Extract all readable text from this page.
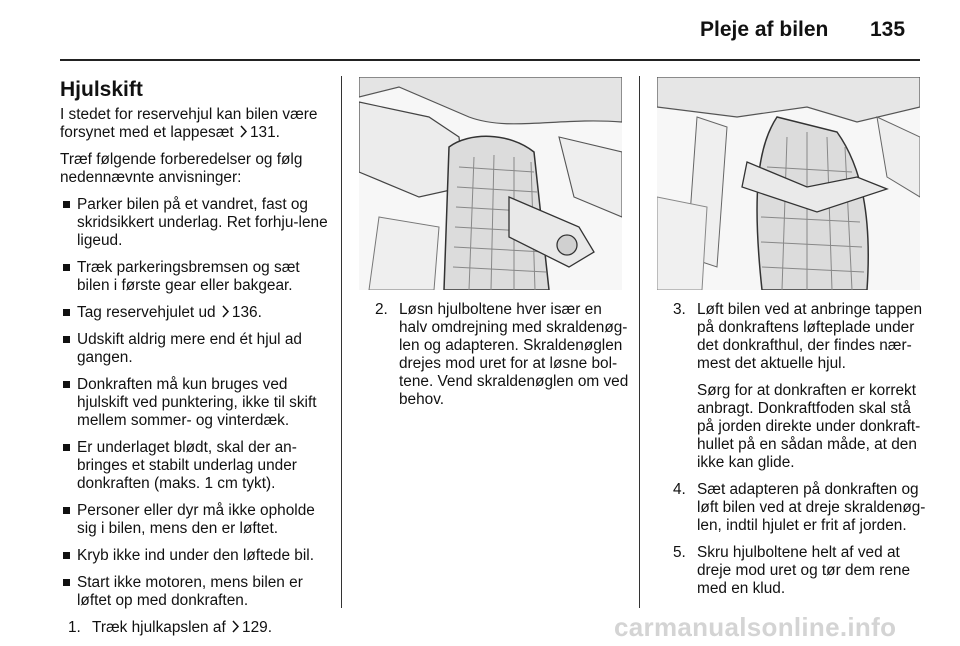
Pleje af bilen 135
Hjulskift

I stedet for reservehjul kan bilen være forsynet med et lappesæt 131.

Træf følgende forberedelser og følg nedennævnte anvisninger:

Parker bilen på et vandret, fast og skridsikkert underlag. Ret forhju-lene ligeud.
Træk parkeringsbremsen og sæt bilen i første gear eller bakgear.
Tag reservehjulet ud 136.
Udskift aldrig mere end ét hjul ad gangen.
Donkraften må kun bruges ved hjulskift ved punktering, ikke til skift mellem sommer- og vinterdæk.
Er underlaget blødt, skal der an-bringes et stabilt underlag under donkraften (maks. 1 cm tykt).
Personer eller dyr må ikke opholde sig i bilen, mens den er løftet.
Kryb ikke ind under den løftede bil.
Start ikke motoren, mens bilen er løftet op med donkraften.
1. Træk hjulkapslen af 129.
2. Løsn hjulboltene hver især en halv omdrejning med skraldenøg-len og adapteren. Skraldenøglen drejes mod uret for at løsne bol-tene. Vend skraldenøglen om ved behov.
3. Løft bilen ved at anbringe tappen på donkraftens løfteplade under det donkrafthul, der findes nær-mest det aktuelle hjul.

Sørg for at donkraften er korrekt anbragt. Donkraftfoden skal stå på jorden direkte under donkraft-hullet på en sådan måde, at den ikke kan glide.

4. Sæt adapteren på donkraften og løft bilen ved at dreje skraldenøg-len, indtil hjulet er frit af jorden.
5. Skru hjulboltene helt af ved at dreje mod uret og tør dem rene med en klud.
carmanualsonline.info
